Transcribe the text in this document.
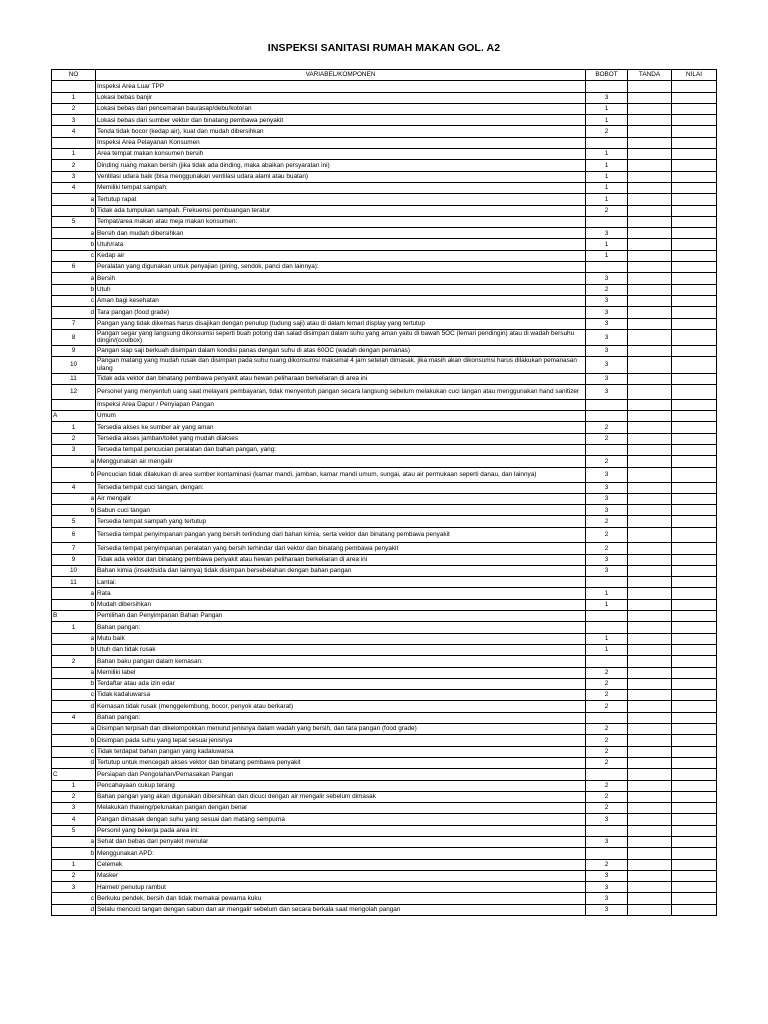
INSPEKSI SANITASI RUMAH MAKAN GOL. A2
NO	VARIABEL/KOMPONEN	BOBOT	TANDA	NILAI
	Inspeksi Area Luar TPP			
1	Lokasi bebas banjir	3		
2	Lokasi bebas dari pencemaran bau/asap/debu/kotoran	1		
3	Lokasi bebas dari sumber vektor dan binatang pembawa penyakit	1		
4	Tenda tidak bocor (kedap air), kuat dan mudah dibersihkan	2		
	Inspeksi Area Pelayanan Konsumen			
1	Area tempat makan konsumen bersih	1		
2	Dinding ruang makan bersih (jika tidak ada dinding, maka abaikan persyaratan ini)	1		
3	Ventilasi udara baik (bisa menggunakan ventilasi udara alami atau buatan)	1		
4	Memiliki tempat sampah:	1		
a	Tertutup rapat	1		
b	Tidak ada tumpukan sampah. Frekuensi pembuangan teratur	2		
5	Tempat/area makan atau meja makan konsumen:			
a	Bersih dan mudah dibersihkan	3		
b	Utuh/rata	1		
c	Kedap air	1		
6	Peralatan yang digunakan untuk penyajian (piring, sendok, panci dan lainnya):			
a	Bersih	3		
b	Utuh	2		
c	Aman bagi kesehatan	3		
d	Tara pangan (food grade)	3		
7	Pangan yang tidak dikemas harus disajikan dengan penutup (tudung saji) atau di dalam lemari display yang tertutup	3		
8	Pangan segar yang langsung dikonsumsi seperti buah potong dan salad disimpan dalam suhu yang aman yaitu di bawah 5OC (lemari pendingin) atau di wadah bersuhu dingin/(coolbox)	3		
9	Pangan siap saji berkuah disimpan dalam kondisi panas dengan suhu di atas 60OC (wadah dengan pemanas)	3		
10	Pangan matang yang mudah rusak dan disimpan pada suhu ruang dikonsumsi maksimal 4 jam setelah dimasak, jika masih akan dikonsumsi harus dilakukan pemanasan ulang	3		
11	Tidak ada vektor dan binatang pembawa penyakit atau hewan peliharaan berkeliaran di area ini	3		
12	Personel yang menyentuh uang saat melayani pembayaran, tidak menyentuh pangan secara langsung sebelum melakukan cuci tangan atau menggunakan hand sanitizer	3		
	Inspeksi Area Dapur / Penyiapan Pangan			
A	Umum			
1	Tersedia akses ke sumber air yang aman	2		
2	Tersedia akses jamban/toilet yang mudah diakses	2		
3	Tersedia tempat pencucian peralatan dan bahan pangan, yang:			
a	Menggunakan air mengalir	2		
b	Pencucian tidak dilakukan di area sumber kontaminasi (kamar mandi, jamban, kamar mandi umum, sungai, atau air permukaan seperti danau, dan lainnya)	3		
4	Tersedia tempat cuci tangan, dengan:	3		
a	Air mengalir	3		
b	Sabun cuci tangan	3		
5	Tersedia tempat sampah yang tertutup	2		
6	Tersedia tempat penyimpanan pangan yang bersih terlindung dari bahan kimia, serta vektor dan binatang pembawa penyakit	2		
7	Tersedia tempat penyimpanan peralatan yang bersih terhindar dari vektor dan binatang pembawa penyakit	2		
9	Tidak ada vektor dan binatang pembawa penyakit atau hewan peliharaan berkeliaran di area ini	3		
10	Bahan kimia (insektisida dan lainnya) tidak disimpan bersebelahan dengan bahan pangan	3		
11	Lantai:			
a	Rata	1		
b	Mudah dibersihkan	1		
B	Pemilihan dan Penyimpanan Bahan Pangan			
1	Bahan pangan:			
a	Mutu baik	1		
b	Utuh dan tidak rusak	1		
2	Bahan baku pangan dalam kemasan:			
a	Memiliki label	2		
b	Terdaftar atau ada izin edar	2		
c	Tidak kadaluwarsa	2		
d	Kemasan tidak rusak (menggelembung, bocor, penyok atau berkarat)	2		
4	Bahan pangan:			
a	Disimpan terpisah dan dikelompokkan menurut jenisnya dalam wadah yang bersih, dan tara pangan (food grade)	2		
b	Disimpan pada suhu yang tepat sesuai jenisnya	2		
c	Tidak terdapat bahan pangan yang kadaluwarsa	2		
d	Tertutup untuk mencegah akses vektor dan binatang pembawa penyakit	2		
C	Persiapan dan Pengolahan/Pemasakan Pangan			
1	Pencahayaan cukup terang	2		
2	Bahan pangan yang akan digunakan dibersihkan dan dicuci dengan air mengalir sebelum dimasak	2		
3	Melakukan thawing/pelunakan pangan dengan benar	2		
4	Pangan dimasak dengan suhu yang sesuai dan matang sempurna	3		
5	Personil yang bekerja pada area ini:			
a	Sehat dan bebas dari penyakit menular	3		
b	Menggunakan APD:			
1	Celemek	2		
2	Masker	3		
3	Hairnet/ penutup rambut	3		
c	Berkuku pendek, bersih dan tidak memakai pewarna kuku	3		
d	Selalu mencuci tangan dengan sabun dan air mengalir sebelum dan secara berkala saat mengolah pangan	3		
